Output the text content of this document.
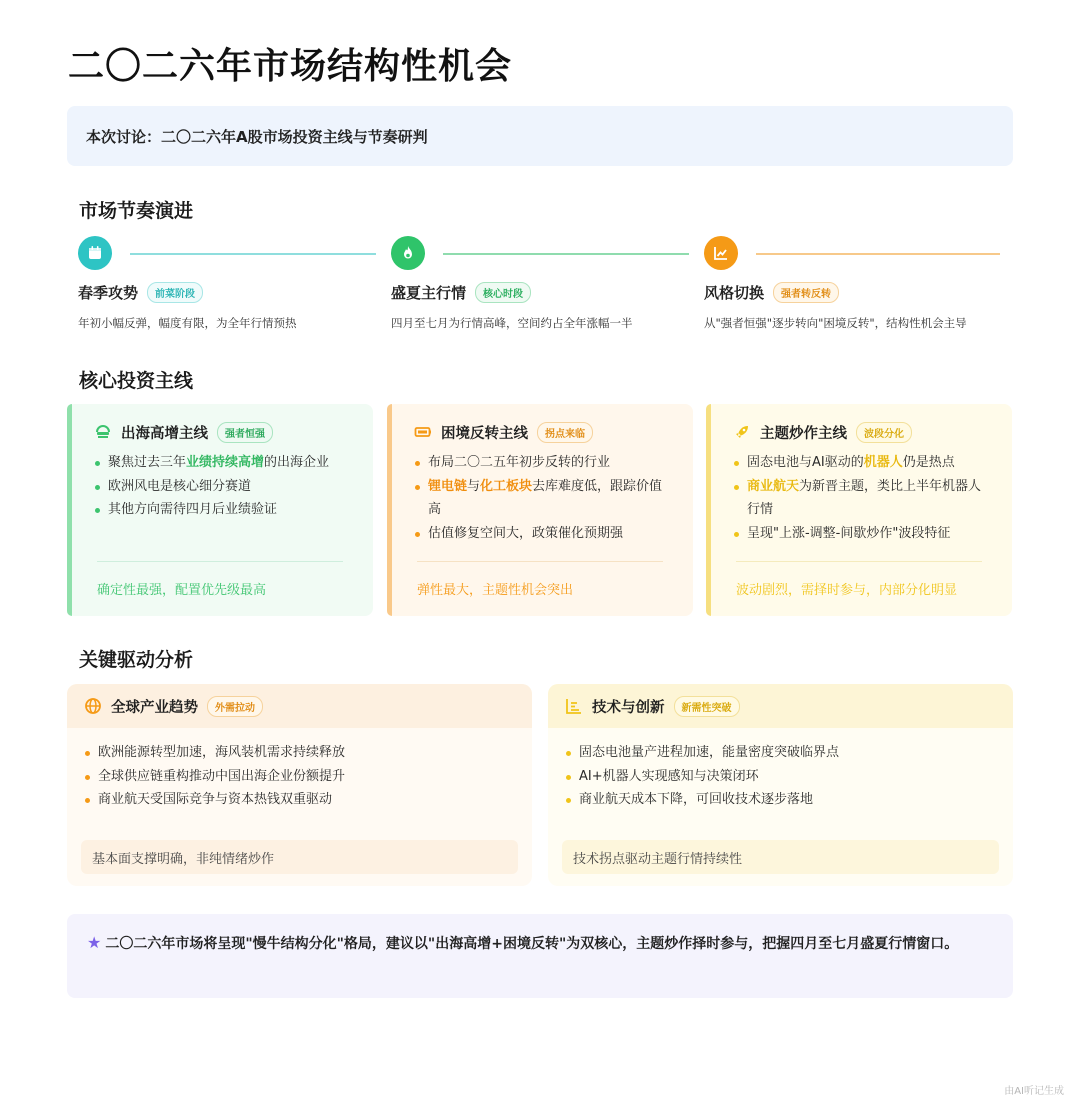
二〇二六年市场结构性机会
本次讨论：二〇二六年A股市场投资主线与节奏研判
市场节奏演进
春季攻势	前菜阶段
年初小幅反弹，幅度有限，为全年行情预热
盛夏主行情	核心时段
四月至七月为行情高峰，空间约占全年涨幅一半
风格切换	强者转反转
从"强者恒强"逐步转向"困境反转"，结构性机会主导
核心投资主线
出海高增主线	强者恒强
聚焦过去三年业绩持续高增的出海企业
欧洲风电是核心细分赛道
其他方向需待四月后业绩验证
确定性最强，配置优先级最高
困境反转主线	拐点来临
布局二〇二五年初步反转的行业
锂电链与化工板块去库难度低，跟踪价值高
估值修复空间大，政策催化预期强
弹性最大，主题性机会突出
主题炒作主线	波段分化
固态电池与AI驱动的机器人仍是热点
商业航天为新晋主题，类比上半年机器人行情
呈现"上涨-调整-间歇炒作"波段特征
波动剧烈，需择时参与，内部分化明显
关键驱动分析
全球产业趋势	外需拉动
欧洲能源转型加速，海风装机需求持续释放
全球供应链重构推动中国出海企业份额提升
商业航天受国际竞争与资本热钱双重驱动
基本面支撑明确，非纯情绪炒作
技术与创新	新需性突破
固态电池量产进程加速，能量密度突破临界点
AI+机器人实现感知与决策闭环
商业航天成本下降，可回收技术逐步落地
技术拐点驱动主题行情持续性
★ 二〇二六年市场将呈现"慢牛结构分化"格局，建议以"出海高增+困境反转"为双核心，主题炒作择时参与，把握四月至七月盛夏行情窗口。
由AI听记生成
